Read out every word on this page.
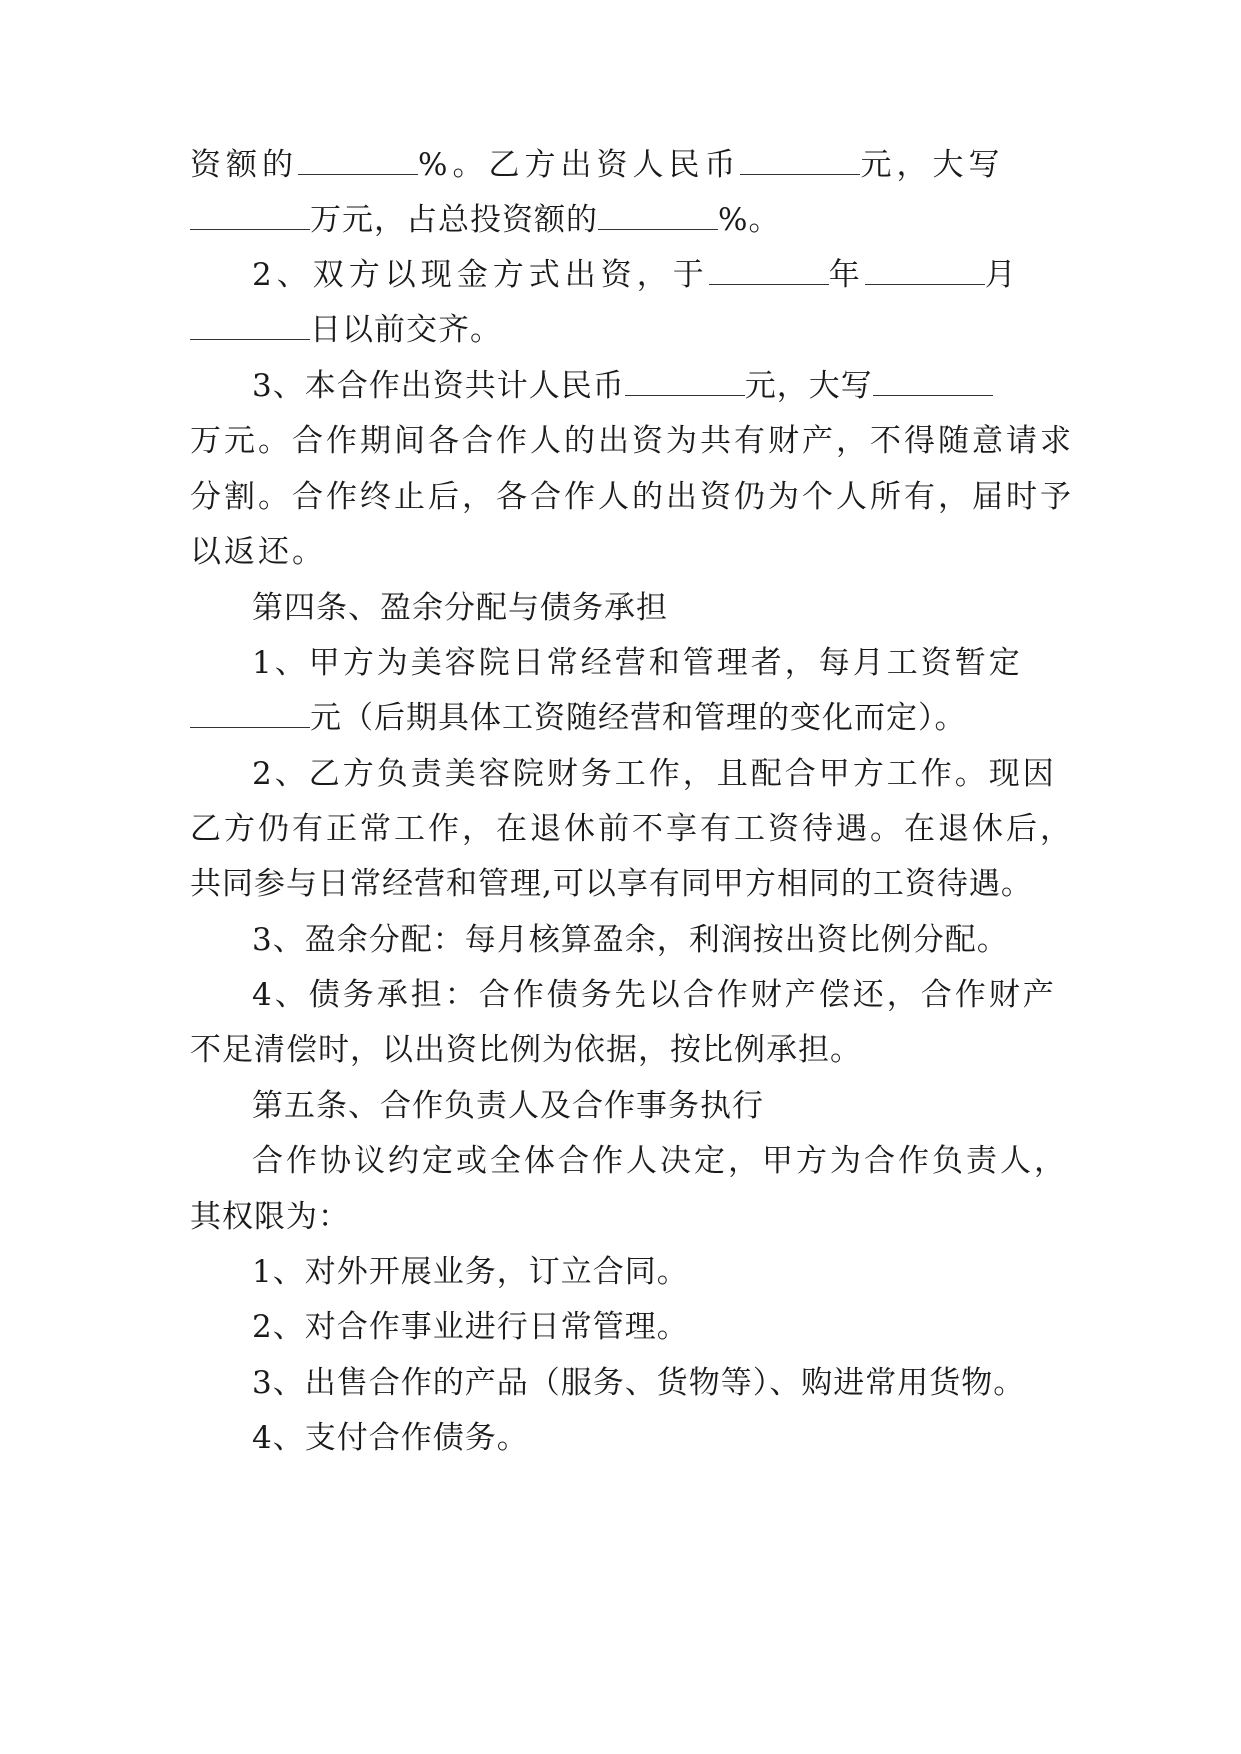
资额的	%。乙方出资人民币	元，大写
万元，占总投资额的	%。
2、双方以现金方式出资，于	年	月
日以前交齐。
3、本合作出资共计人民币	元，大写
万元。合作期间各合作人的出资为共有财产，不得随意请求
分割。合作终止后，各合作人的出资仍为个人所有，届时予
以返还。
第四条、盈余分配与债务承担
1、甲方为美容院日常经营和管理者，每月工资暂定
元（后期具体工资随经营和管理的变化而定）。
2、乙方负责美容院财务工作，且配合甲方工作。现因
乙方仍有正常工作，在退休前不享有工资待遇。在退休后，
共同参与日常经营和管理,可以享有同甲方相同的工资待遇。
3、盈余分配：每月核算盈余，利润按出资比例分配。
4、债务承担：合作债务先以合作财产偿还，合作财产
不足清偿时，以出资比例为依据，按比例承担。
第五条、合作负责人及合作事务执行
合作协议约定或全体合作人决定，甲方为合作负责人，
其权限为：
1、对外开展业务，订立合同。
2、对合作事业进行日常管理。
3、出售合作的产品（服务、货物等）、购进常用货物。
4、支付合作债务。
